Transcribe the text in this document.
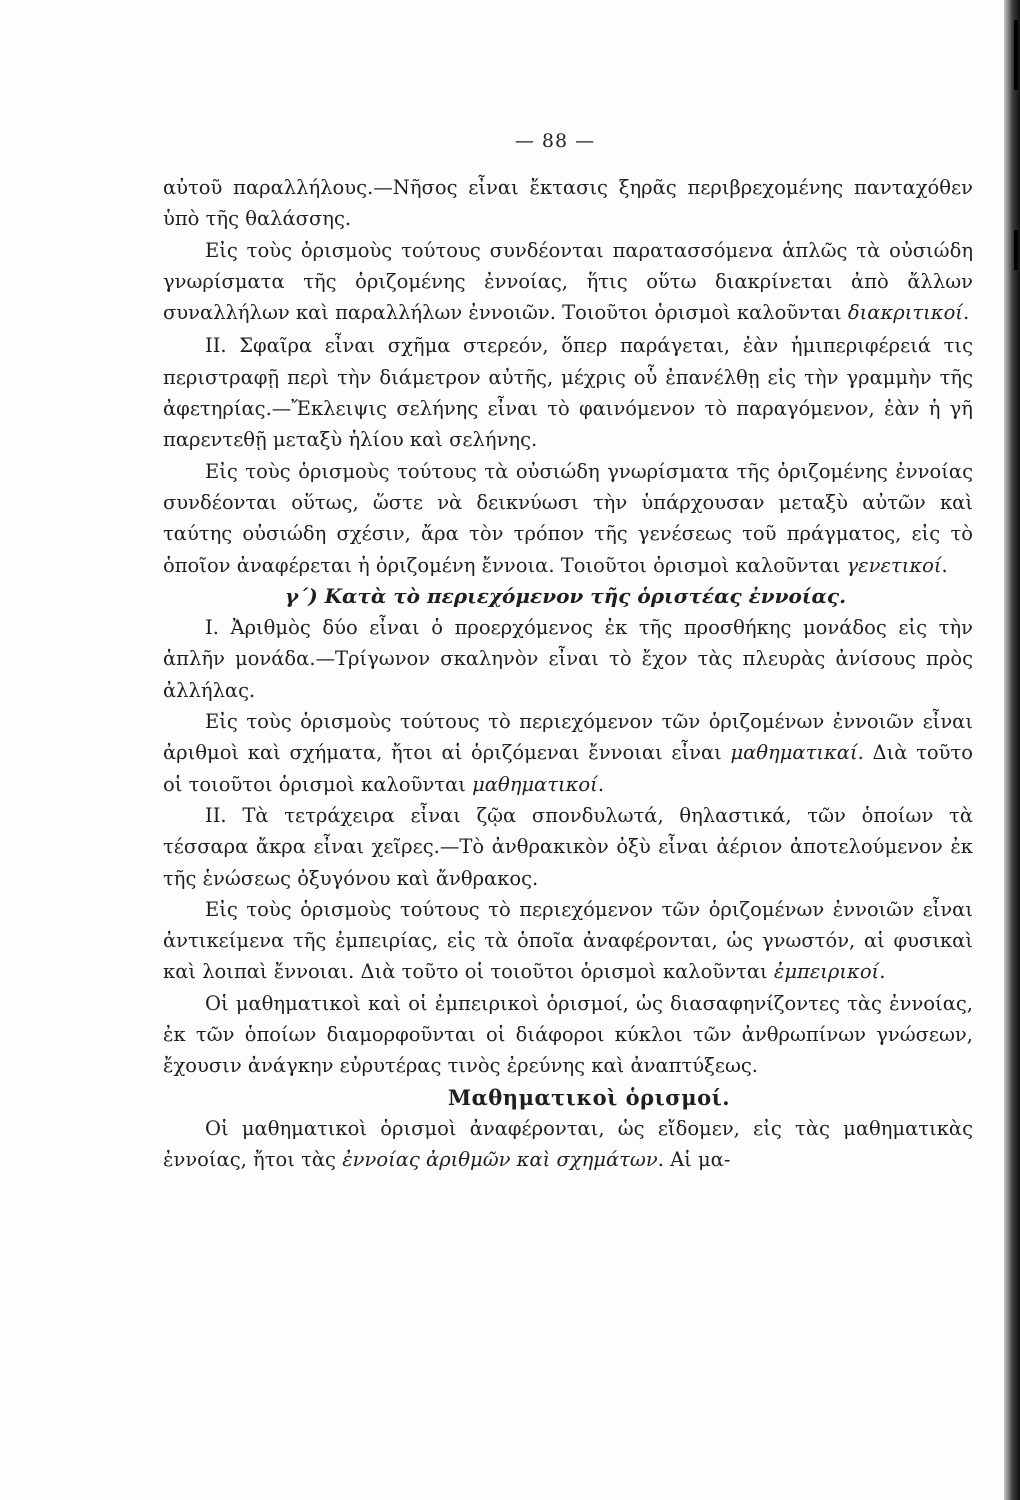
— 88 —

αὐτοῦ παραλλήλους.—Νῆσος εἶναι ἔκτασις ξηρᾶς περιβρεχομένης πανταχόθεν ὑπὸ τῆς θαλάσσης.

Εἰς τοὺς ὁρισμοὺς τούτους συνδέονται παρατασσόμενα ἁπλῶς τὰ οὐσιώδη γνωρίσματα τῆς ὁριζομένης ἐννοίας, ἥτις οὕτω διακρίνεται ἀπὸ ἄλλων συναλλήλων καὶ παραλλήλων ἐννοιῶν. Τοιοῦτοι ὁρισμοὶ καλοῦνται διακριτικοί.

ΙΙ. Σφαῖρα εἶναι σχῆμα στερεόν, ὅπερ παράγεται, ἐὰν ἡμιπεριφέρειά τις περιστραφῇ περὶ τὴν διάμετρον αὐτῆς, μέχρις οὗ ἐπανέλθῃ εἰς τὴν γραμμὴν τῆς ἀφετηρίας.—Ἔκλειψις σελήνης εἶναι τὸ φαινόμενον τὸ παραγόμενον, ἐὰν ἡ γῆ παρεντεθῇ μεταξὺ ἡλίου καὶ σελήνης.

Εἰς τοὺς ὁρισμοὺς τούτους τὰ οὐσιώδη γνωρίσματα τῆς ὁριζομένης ἐννοίας συνδέονται οὕτως, ὥστε νὰ δεικνύωσι τὴν ὑπάρχουσαν μεταξὺ αὐτῶν καὶ ταύτης οὐσιώδη σχέσιν, ἄρα τὸν τρόπον τῆς γενέσεως τοῦ πράγματος, εἰς τὸ ὁποῖον ἀναφέρεται ἡ ὁριζομένη ἔννοια. Τοιοῦτοι ὁρισμοὶ καλοῦνται γενετικοί.

γ΄) Κατὰ τὸ περιεχόμενον τῆς ὁριστέας ἐννοίας.

Ι. Ἀριθμὸς δύο εἶναι ὁ προερχόμενος ἐκ τῆς προσθήκης μονάδος εἰς τὴν ἁπλῆν μονάδα.—Τρίγωνον σκαληνὸν εἶναι τὸ ἔχον τὰς πλευρὰς ἀνίσους πρὸς ἀλλήλας.

Εἰς τοὺς ὁρισμοὺς τούτους τὸ περιεχόμενον τῶν ὁριζομένων ἐννοιῶν εἶναι ἀριθμοὶ καὶ σχήματα, ἤτοι αἱ ὁριζόμεναι ἔννοιαι εἶναι μαθηματικαί. Διὰ τοῦτο οἱ τοιοῦτοι ὁρισμοὶ καλοῦνται μαθηματικοί.

ΙΙ. Τὰ τετράχειρα εἶναι ζῷα σπονδυλωτά, θηλαστικά, τῶν ὁποίων τὰ τέσσαρα ἄκρα εἶναι χεῖρες.—Τὸ ἀνθρακικὸν ὀξὺ εἶναι ἀέριον ἀποτελούμενον ἐκ τῆς ἑνώσεως ὀξυγόνου καὶ ἄνθρακος.

Εἰς τοὺς ὁρισμοὺς τούτους τὸ περιεχόμενον τῶν ὁριζομένων ἐννοιῶν εἶναι ἀντικείμενα τῆς ἐμπειρίας, εἰς τὰ ὁποῖα ἀναφέρονται, ὡς γνωστόν, αἱ φυσικαὶ καὶ λοιπαὶ ἔννοιαι. Διὰ τοῦτο οἱ τοιοῦτοι ὁρισμοὶ καλοῦνται ἐμπειρικοί.

Οἱ μαθηματικοὶ καὶ οἱ ἐμπειρικοὶ ὁρισμοί, ὡς διασαφηνίζοντες τὰς ἐννοίας, ἐκ τῶν ὁποίων διαμορφοῦνται οἱ διάφοροι κύκλοι τῶν ἀνθρωπίνων γνώσεων, ἔχουσιν ἀνάγκην εὐρυτέρας τινὸς ἐρεύνης καὶ ἀναπτύξεως.

Μαθηματικοὶ ὁρισμοί.

Οἱ μαθηματικοὶ ὁρισμοὶ ἀναφέρονται, ὡς εἴδομεν, εἰς τὰς μαθηματικὰς ἐννοίας, ἤτοι τὰς ἐννοίας ἀριθμῶν καὶ σχημάτων. Αἱ μα-
